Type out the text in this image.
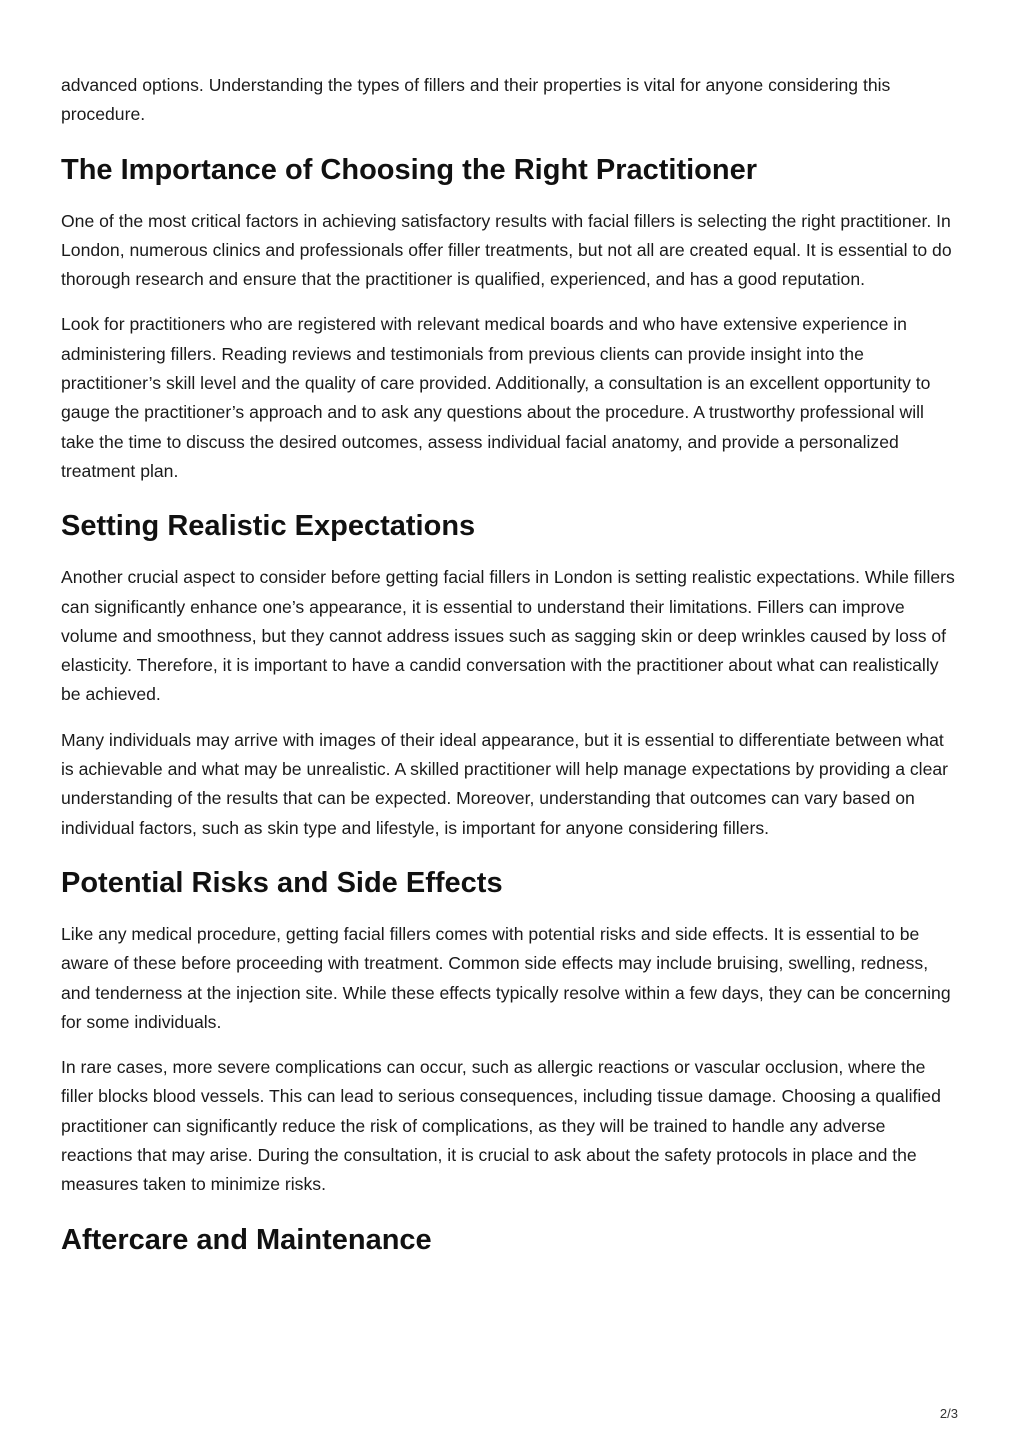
advanced options. Understanding the types of fillers and their properties is vital for anyone considering this procedure.

The Importance of Choosing the Right Practitioner

One of the most critical factors in achieving satisfactory results with facial fillers is selecting the right practitioner. In London, numerous clinics and professionals offer filler treatments, but not all are created equal. It is essential to do thorough research and ensure that the practitioner is qualified, experienced, and has a good reputation.

Look for practitioners who are registered with relevant medical boards and who have extensive experience in administering fillers. Reading reviews and testimonials from previous clients can provide insight into the practitioner’s skill level and the quality of care provided. Additionally, a consultation is an excellent opportunity to gauge the practitioner’s approach and to ask any questions about the procedure. A trustworthy professional will take the time to discuss the desired outcomes, assess individual facial anatomy, and provide a personalized treatment plan.

Setting Realistic Expectations

Another crucial aspect to consider before getting facial fillers in London is setting realistic expectations. While fillers can significantly enhance one’s appearance, it is essential to understand their limitations. Fillers can improve volume and smoothness, but they cannot address issues such as sagging skin or deep wrinkles caused by loss of elasticity. Therefore, it is important to have a candid conversation with the practitioner about what can realistically be achieved.

Many individuals may arrive with images of their ideal appearance, but it is essential to differentiate between what is achievable and what may be unrealistic. A skilled practitioner will help manage expectations by providing a clear understanding of the results that can be expected. Moreover, understanding that outcomes can vary based on individual factors, such as skin type and lifestyle, is important for anyone considering fillers.

Potential Risks and Side Effects

Like any medical procedure, getting facial fillers comes with potential risks and side effects. It is essential to be aware of these before proceeding with treatment. Common side effects may include bruising, swelling, redness, and tenderness at the injection site. While these effects typically resolve within a few days, they can be concerning for some individuals.

In rare cases, more severe complications can occur, such as allergic reactions or vascular occlusion, where the filler blocks blood vessels. This can lead to serious consequences, including tissue damage. Choosing a qualified practitioner can significantly reduce the risk of complications, as they will be trained to handle any adverse reactions that may arise. During the consultation, it is crucial to ask about the safety protocols in place and the measures taken to minimize risks.

Aftercare and Maintenance
2/3
